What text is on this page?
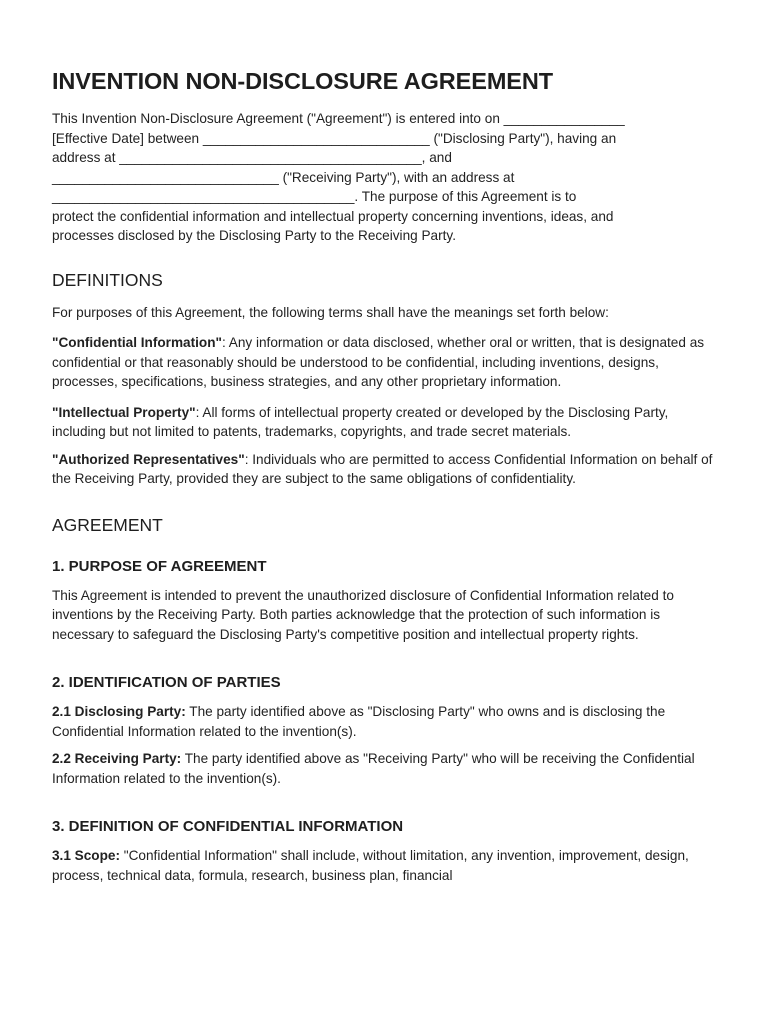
INVENTION NON-DISCLOSURE AGREEMENT
This Invention Non-Disclosure Agreement ("Agreement") is entered into on ________________
[Effective Date] between ______________________________ ("Disclosing Party"), having an
address at ________________________________________, and
______________________________ ("Receiving Party"), with an address at
________________________________________. The purpose of this Agreement is to
protect the confidential information and intellectual property concerning inventions, ideas, and
processes disclosed by the Disclosing Party to the Receiving Party.
DEFINITIONS

For purposes of this Agreement, the following terms shall have the meanings set forth below:

"Confidential Information": Any information or data disclosed, whether oral or written, that is designated as confidential or that reasonably should be understood to be confidential, including inventions, designs, processes, specifications, business strategies, and any other proprietary information.

"Intellectual Property": All forms of intellectual property created or developed by the Disclosing Party, including but not limited to patents, trademarks, copyrights, and trade secret materials.

"Authorized Representatives": Individuals who are permitted to access Confidential Information on behalf of the Receiving Party, provided they are subject to the same obligations of confidentiality.

AGREEMENT
1. PURPOSE OF AGREEMENT

This Agreement is intended to prevent the unauthorized disclosure of Confidential Information related to inventions by the Receiving Party. Both parties acknowledge that the protection of such information is necessary to safeguard the Disclosing Party's competitive position and intellectual property rights.

2. IDENTIFICATION OF PARTIES

2.1 Disclosing Party: The party identified above as "Disclosing Party" who owns and is disclosing the Confidential Information related to the invention(s).

2.2 Receiving Party: The party identified above as "Receiving Party" who will be receiving the Confidential Information related to the invention(s).

3. DEFINITION OF CONFIDENTIAL INFORMATION

3.1 Scope: "Confidential Information" shall include, without limitation, any invention, improvement, design, process, technical data, formula, research, business plan, financial
